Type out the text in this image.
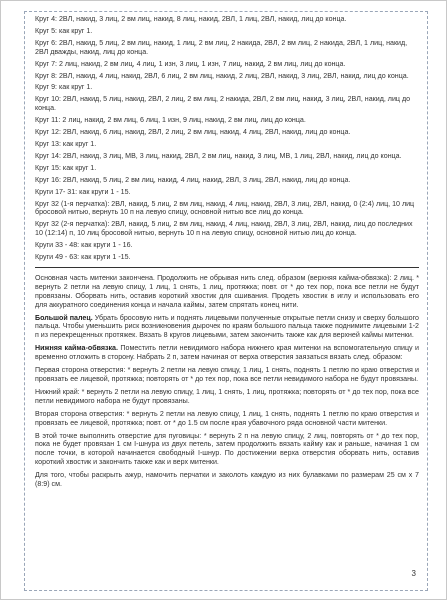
Круг 4: 2ВЛ, накид, 3 лиц, 2 вм лиц, накид, 8 лиц, накид, 2ВЛ, 1 лиц, 2ВЛ, накид, лиц до конца.
Круг 5: как круг 1.
Круг 6: 2ВЛ, накид, 5 лиц, 2 вм лиц, накид, 1 лиц, 2 вм лиц, 2 накида, 2ВЛ, 2 вм лиц, 2 накида, 2ВЛ, 1 лиц, накид, 2ВЛ дважды, накид, лиц до конца.
Круг 7: 2 лиц, накид, 2 вм лиц, 4 лиц, 1 изн, 3 лиц, 1 изн, 7 лиц, накид, 2 вм лиц, лиц до конца.
Круг 8: 2ВЛ, накид, 4 лиц, накид, 2ВЛ, 6 лиц, 2 вм лиц, накид, 2 лиц, 2ВЛ, накид, 3 лиц, 2ВЛ, накид, лиц до конца.
Круг 9: как круг 1.
Круг 10: 2ВЛ, накид, 5 лиц, накид, 2ВЛ, 2 лиц, 2 вм лиц, 2 накида, 2ВЛ, 2 вм лиц, накид, 3 лиц, 2ВЛ, накид, лиц до конца.
Круг 11: 2 лиц, накид, 2 вм лиц, 6 лиц, 1 изн, 9 лиц, накид, 2 вм лиц, лиц до конца.
Круг 12: 2ВЛ, накид, 6 лиц, накид, 2ВЛ, 2 лиц, 2 вм лиц, накид, 4 лиц, 2ВЛ, накид, лиц до конца.
Круг 13: как круг 1.
Круг 14: 2ВЛ, накид, 3 лиц, МВ, 3 лиц, накид, 2ВЛ, 2 вм лиц, накид, 3 лиц, МВ, 1 лиц, 2ВЛ, накид, лиц до конца.
Круг 15: как круг 1.
Круг 16: 2ВЛ, накид, 5 лиц, 2 вм лиц, накид, 4 лиц, накид, 2ВЛ, 3 лиц, 2ВЛ, накид, лиц до конца.
Круги 17- 31: как круги 1 - 15.
Круг 32 (1-я перчатка): 2ВЛ, накид, 5 лиц, 2 вм лиц, накид, 4 лиц, накид, 2ВЛ, 3 лиц, 2ВЛ, накид, 0 (2:4) лиц, 10 лиц бросовой нитью, вернуть 10 п на левую спицу, основной нитью все лиц до конца.
Круг 32 (2-я перчатка): 2ВЛ, накид, 5 лиц, 2 вм лиц, накид, 4 лиц, накид, 2ВЛ, 3 лиц, 2ВЛ, накид, лиц до последних 10 (12:14) п, 10 лиц бросовой нитью, вернуть 10 п на левую спицу, основной нитью лиц до конца.
Круги 33 - 48: как круги 1 - 16.
Круги 49 - 63: как круги 1 -15.
Основная часть митенки закончена. Продолжить не обрывая нить след. образом (верхняя кайма-обвязка): 2 лиц. * вернуть 2 петли на левую спицу, 1 лиц, 1 снять, 1 лиц, протяжка; повт. от * до тех пор, пока все петли не будут провязаны. Оборвать нить, оставив короткий хвостик для сшивания. Продеть хвостик в иглу и использовать его для аккуратного соединения конца и начала каймы, затем спрятать конец нити.
Большой палец. Убрать бросовую нить и поднять лицевыми полученные открытые петли снизу и сверху большого пальца. Чтобы уменьшить риск возникновения дырочек по краям большого пальца также поднимите лицевыми 1-2 п из перекрещенных протяжек. Вязать 8 кругов лицевыми, затем закончить также как для верхней каймы митенки.
Нижняя кайма-обвязка. Поместить петли невидимого набора нижнего края митенки на вспомогательную спицу и временно отложить в сторону. Набрать 2 п, затем начиная от верха отверстия заязаться вязать след. образом:
Первая сторона отверстия: * вернуть 2 петли на левую спицу, 1 лиц, 1 снять, поднять 1 петлю по краю отверстия и провязать ее лицевой, протяжка; повторять от * до тех пор, пока все петли невидимого набора не будут провязаны.
Нижний край: * вернуть 2 петли на левую спицу, 1 лиц, 1 снять, 1 лиц, протяжка; повторять от * до тех пор, пока все петли невидимого набора не будут провязаны.
Вторая сторона отверстия: * вернуть 2 петли на левую спицу, 1 лиц, 1 снять, поднять 1 петлю по краю отверстия и провязать ее лицевой, протяжка; повт. от * до 1.5 см после края убавочного ряда основной части митенки.
В этой точке выполнить отверстие для пуговицы: * вернуть 2 п на левую спицу, 2 лиц, повторять от * до тех пор, пока не будет провязан 1 см I-шнура из двух петель, затем продолжить вязать кайму как и раньше, начиная 1 см после точки, в которой начинается свободный I-шнур. По достижении верха отверстия оборвать нить, оставив короткий хвостик и закончить также как и верх митенки.
Для того, чтобы раскрыть ажур, намочить перчатки и заколоть каждую из них булавками по размерам 25 см х 7 (8:9) см.
3
